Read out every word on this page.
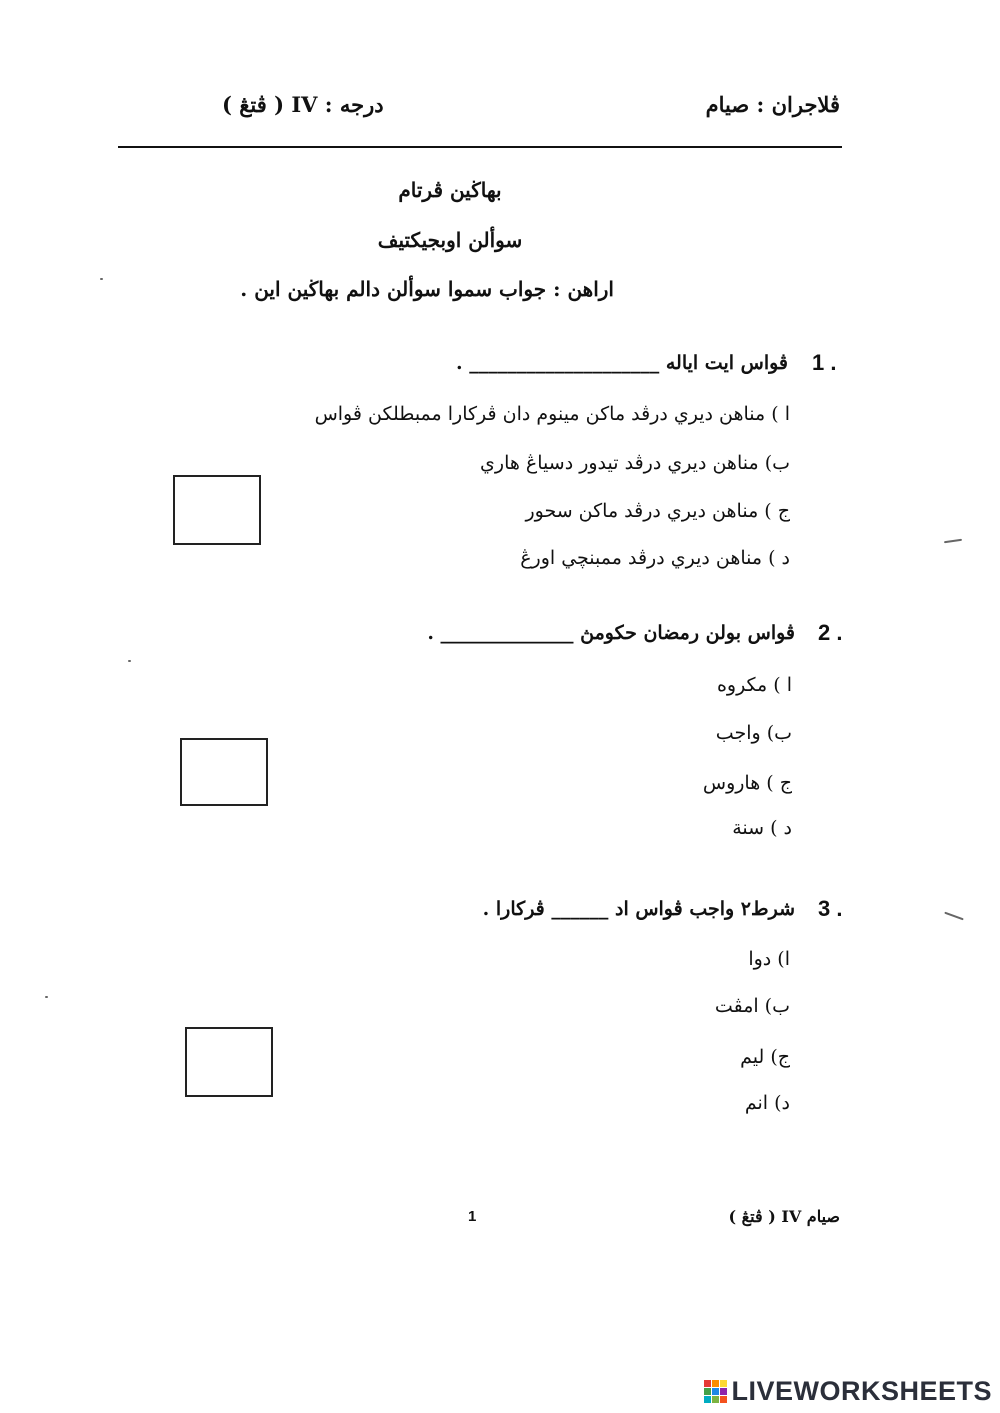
درجه : IV ( ڤتڠ )	ڤلاجران : صيام
بهاڬين ڤرتام
سوألن اوبجيکتيف
اراهن : جواب سموا سوألن دالم بهاڬين اين .
1 .
ڤواس ايت اياله ____________________ .
ا ) مناهن ديري درڤد ماکن مينوم دان ڤرکارا ممبطلکن ڤواس
ب) مناهن ديري درڤد تيدور دسياڠ هاري
ج ) مناهن ديري درڤد ماکن سحور
د ) مناهن ديري درڤد ممبنچي اورڠ
2 .
ڤواس بولن رمضان حکومڽ ______________ .
ا ) مکروه
ب) واجب
ج ) هاروس
د ) سنة
3 .
شرط٢ واجب ڤواس اد ______ ڤرکارا .
ا) دوا
ب) امڤت
ج) ليم
د) انم
1	صيام IV ( ڤتڠ )
LIVEWORKSHEETS
